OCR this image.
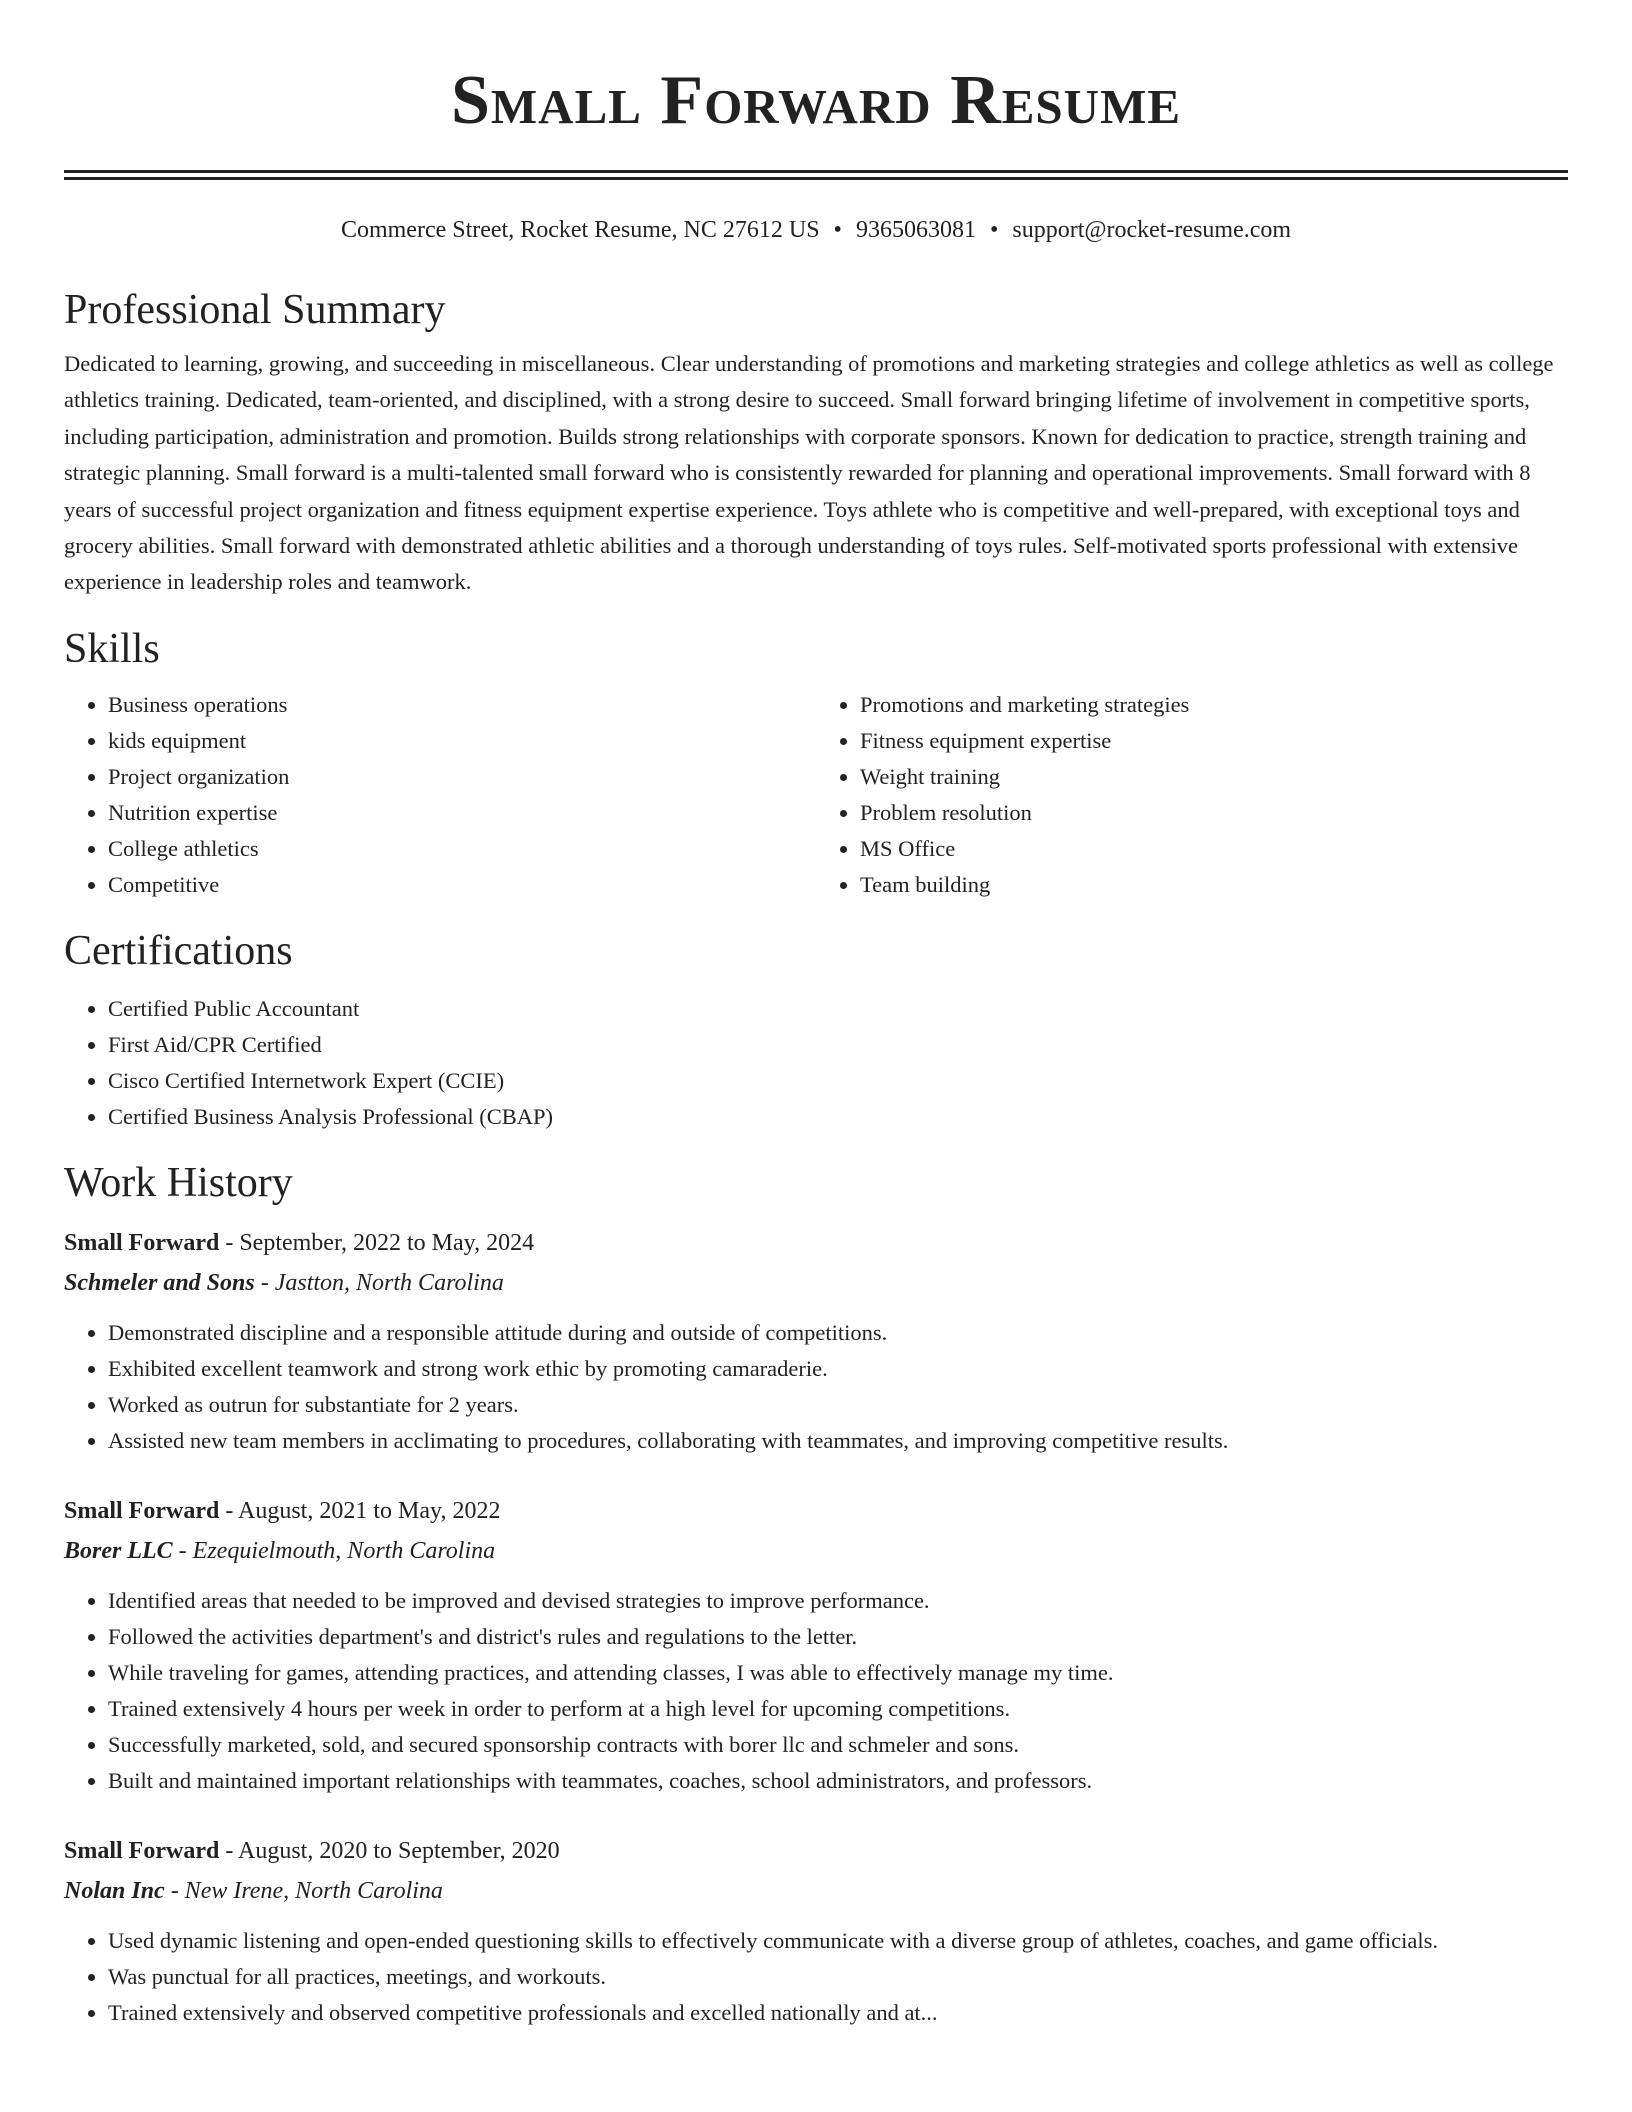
Small Forward Resume
Commerce Street, Rocket Resume, NC 27612 US • 9365063081 • support@rocket-resume.com
Professional Summary

Dedicated to learning, growing, and succeeding in miscellaneous. Clear understanding of promotions and marketing strategies and college athletics as well as college athletics training. Dedicated, team-oriented, and disciplined, with a strong desire to succeed. Small forward bringing lifetime of involvement in competitive sports, including participation, administration and promotion. Builds strong relationships with corporate sponsors. Known for dedication to practice, strength training and strategic planning. Small forward is a multi-talented small forward who is consistently rewarded for planning and operational improvements. Small forward with 8 years of successful project organization and fitness equipment expertise experience. Toys athlete who is competitive and well-prepared, with exceptional toys and grocery abilities. Small forward with demonstrated athletic abilities and a thorough understanding of toys rules. Self-motivated sports professional with extensive experience in leadership roles and teamwork.

Skills
• Business operations
• kids equipment
• Project organization
• Nutrition expertise
• College athletics
• Competitive
• Promotions and marketing strategies
• Fitness equipment expertise
• Weight training
• Problem resolution
• MS Office
• Team building
Certifications
• Certified Public Accountant
• First Aid/CPR Certified
• Cisco Certified Internetwork Expert (CCIE)
• Certified Business Analysis Professional (CBAP)
Work History
Small Forward - September, 2022 to May, 2024
Schmeler and Sons - Jastton, North Carolina
• Demonstrated discipline and a responsible attitude during and outside of competitions.
• Exhibited excellent teamwork and strong work ethic by promoting camaraderie.
• Worked as outrun for substantiate for 2 years.
• Assisted new team members in acclimating to procedures, collaborating with teammates, and improving competitive results.
Small Forward - August, 2021 to May, 2022
Borer LLC - Ezequielmouth, North Carolina
• Identified areas that needed to be improved and devised strategies to improve performance.
• Followed the activities department's and district's rules and regulations to the letter.
• While traveling for games, attending practices, and attending classes, I was able to effectively manage my time.
• Trained extensively 4 hours per week in order to perform at a high level for upcoming competitions.
• Successfully marketed, sold, and secured sponsorship contracts with borer llc and schmeler and sons.
• Built and maintained important relationships with teammates, coaches, school administrators, and professors.
Small Forward - August, 2020 to September, 2020
Nolan Inc - New Irene, North Carolina
• Used dynamic listening and open-ended questioning skills to effectively communicate with a diverse group of athletes, coaches, and game officials.
• Was punctual for all practices, meetings, and workouts.
• Trained extensively and observed competitive professionals and excelled nationally and at...
